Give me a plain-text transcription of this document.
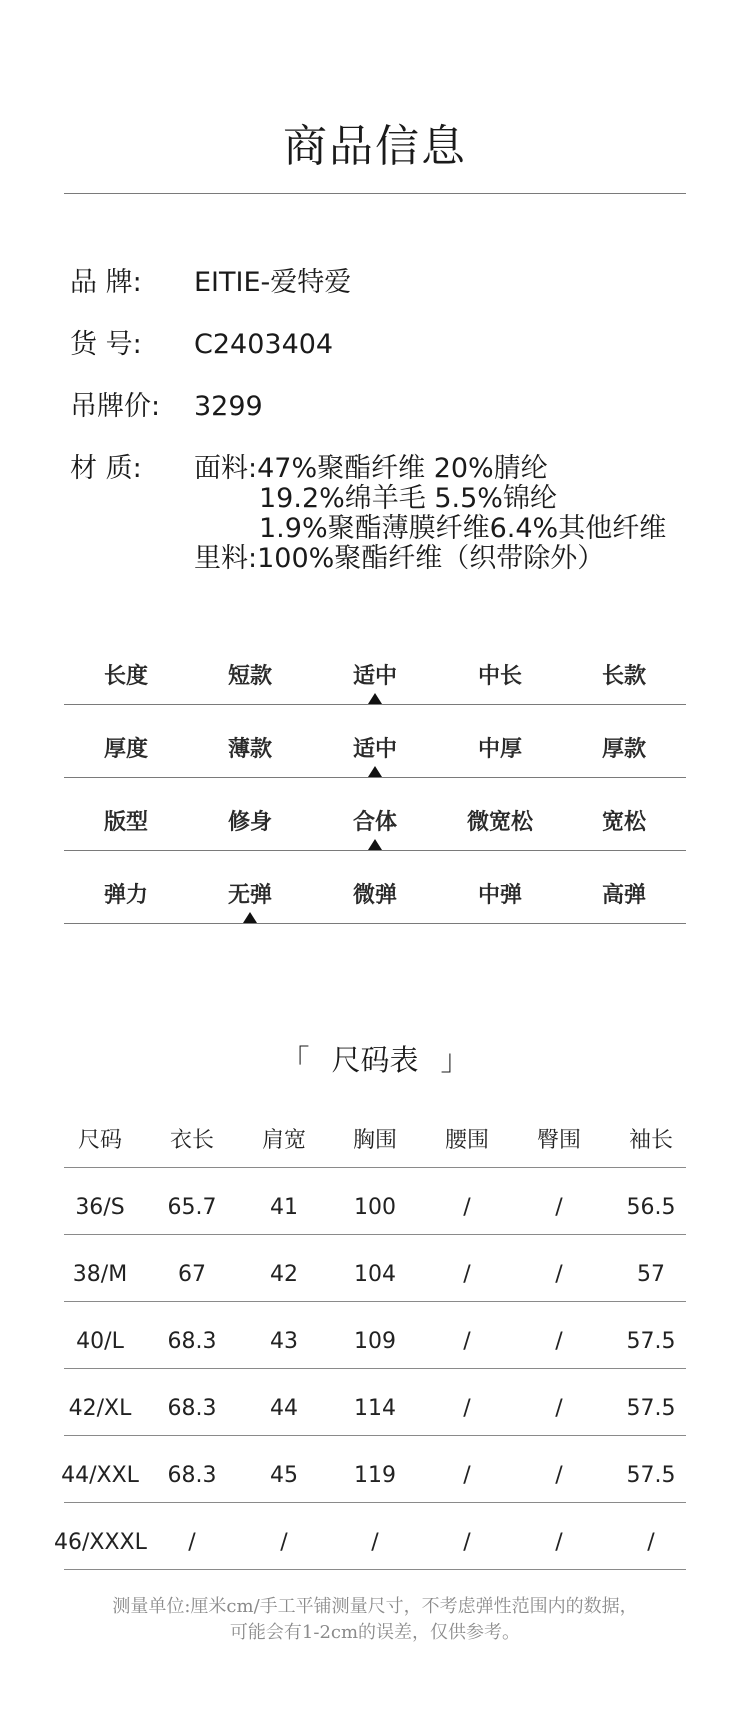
商品信息
品 牌:	EITIE-爱特爱
货 号:	C2403404
吊牌价:	3299
材 质:	面料:47%聚酯纤维 20%腈纶
19.2%绵羊毛 5.5%锦纶
1.9%聚酯薄膜纤维6.4%其他纤维
里料:100%聚酯纤维（织带除外）
长度	短款	适中	中长	长款
厚度	薄款	适中	中厚	厚款
版型	修身	合体	微宽松	宽松
弹力	无弹	微弹	中弹	高弹
「 尺码表 」
尺码	衣长	肩宽	胸围	腰围	臀围	袖长
36/S	65.7	41	100	/	/	56.5
38/M	67	42	104	/	/	57
40/L	68.3	43	109	/	/	57.5
42/XL	68.3	44	114	/	/	57.5
44/XXL	68.3	45	119	/	/	57.5
46/XXXL	/	/	/	/	/	/
测量单位:厘米cm/手工平铺测量尺寸，不考虑弹性范围内的数据，
可能会有1-2cm的误差，仅供参考。
